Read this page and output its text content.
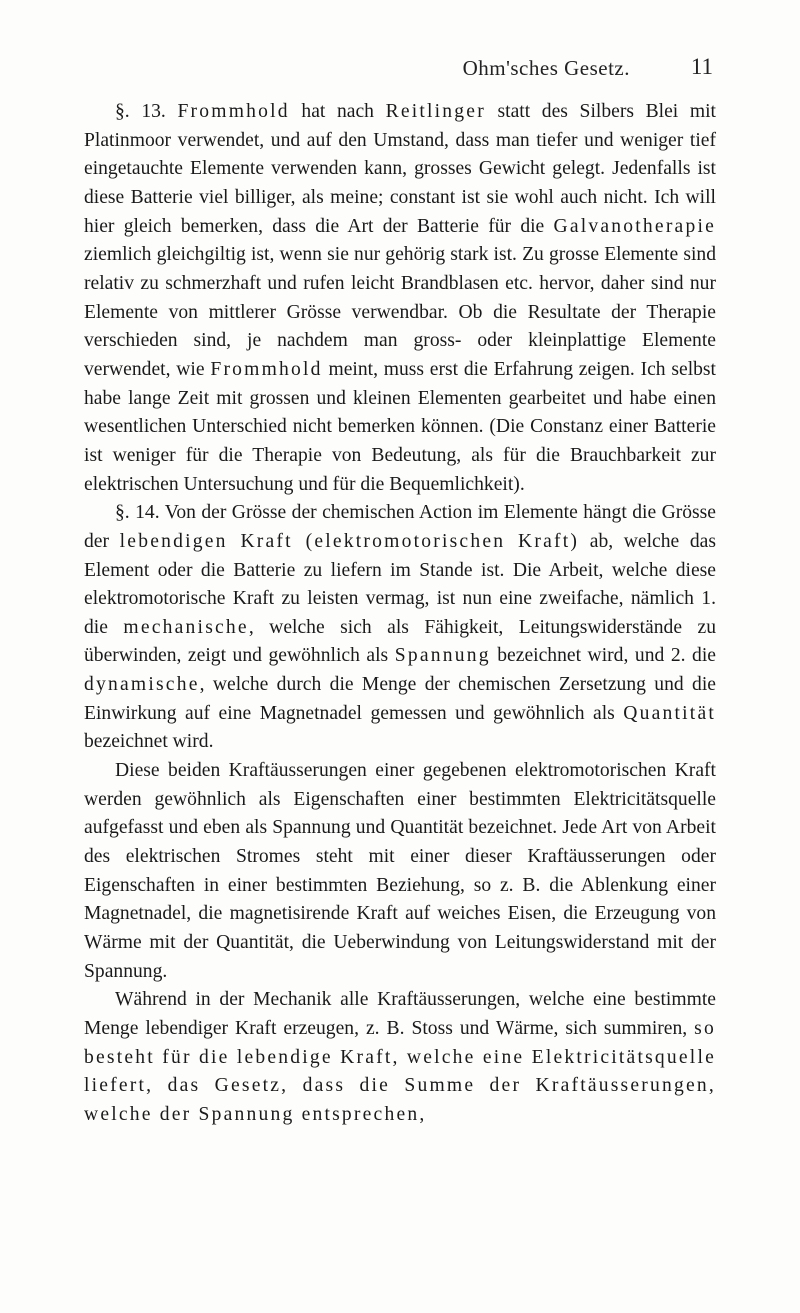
Ohm'sches Gesetz.	11

§. 13. Frommhold hat nach Reitlinger statt des Silbers Blei mit Platinmoor verwendet, und auf den Umstand, dass man tiefer und weniger tief eingetauchte Elemente verwenden kann, grosses Gewicht gelegt. Jedenfalls ist diese Batterie viel billiger, als meine; constant ist sie wohl auch nicht. Ich will hier gleich bemerken, dass die Art der Batterie für die Galvanotherapie ziemlich gleichgiltig ist, wenn sie nur gehörig stark ist. Zu grosse Elemente sind relativ zu schmerzhaft und rufen leicht Brandblasen etc. hervor, daher sind nur Elemente von mittlerer Grösse verwendbar. Ob die Resultate der Therapie verschieden sind, je nachdem man gross- oder kleinplattige Elemente verwendet, wie Frommhold meint, muss erst die Erfahrung zeigen. Ich selbst habe lange Zeit mit grossen und kleinen Elementen gearbeitet und habe einen wesentlichen Unterschied nicht bemerken können. (Die Constanz einer Batterie ist weniger für die Therapie von Bedeutung, als für die Brauchbarkeit zur elektrischen Untersuchung und für die Bequemlichkeit).

§. 14. Von der Grösse der chemischen Action im Elemente hängt die Grösse der lebendigen Kraft (elektromotorischen Kraft) ab, welche das Element oder die Batterie zu liefern im Stande ist. Die Arbeit, welche diese elektromotorische Kraft zu leisten vermag, ist nun eine zweifache, nämlich 1. die mechanische, welche sich als Fähigkeit, Leitungswiderstände zu überwinden, zeigt und gewöhnlich als Spannung bezeichnet wird, und 2. die dynamische, welche durch die Menge der chemischen Zersetzung und die Einwirkung auf eine Magnetnadel gemessen und gewöhnlich als Quantität bezeichnet wird.

Diese beiden Kraftäusserungen einer gegebenen elektromotorischen Kraft werden gewöhnlich als Eigenschaften einer bestimmten Elektricitätsquelle aufgefasst und eben als Spannung und Quantität bezeichnet. Jede Art von Arbeit des elektrischen Stromes steht mit einer dieser Kraftäusserungen oder Eigenschaften in einer bestimmten Beziehung, so z. B. die Ablenkung einer Magnetnadel, die magnetisirende Kraft auf weiches Eisen, die Erzeugung von Wärme mit der Quantität, die Ueberwindung von Leitungswiderstand mit der Spannung.

Während in der Mechanik alle Kraftäusserungen, welche eine bestimmte Menge lebendiger Kraft erzeugen, z. B. Stoss und Wärme, sich summiren, so besteht für die lebendige Kraft, welche eine Elektricitätsquelle liefert, das Gesetz, dass die Summe der Kraftäusserungen, welche der Spannung entsprechen,
